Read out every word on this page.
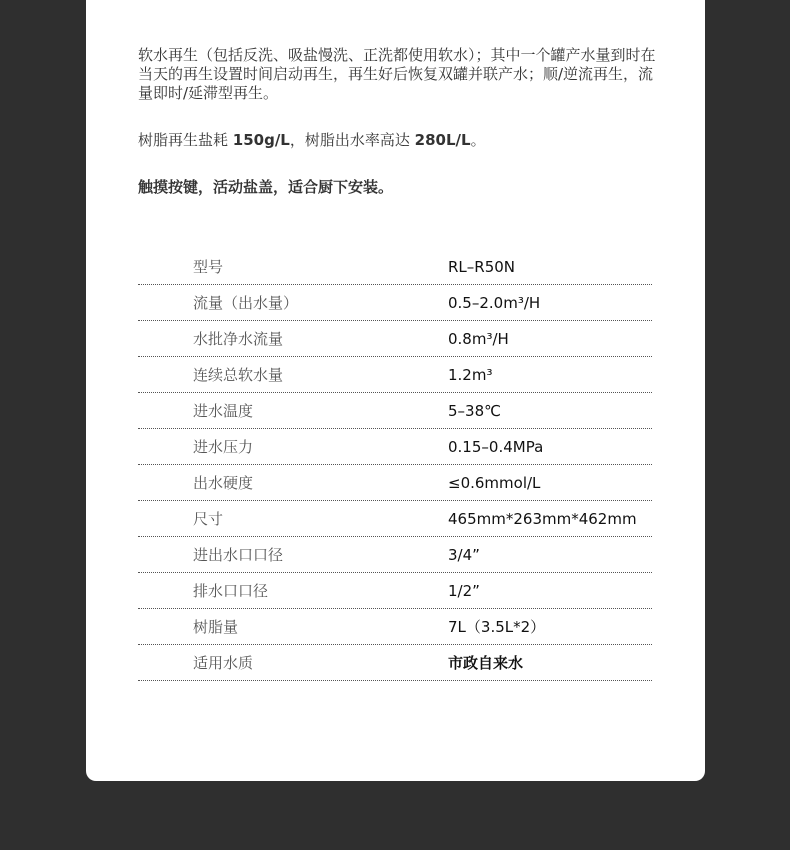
软水再生（包括反洗、吸盐慢洗、正洗都使用软水）；其中一个罐产水量到时在当天的再生设置时间启动再生，再生好后恢复双罐并联产水；顺/逆流再生，流量即时/延滞型再生。

树脂再生盐耗 150g/L，树脂出水率高达 280L/L。

触摸按键，活动盐盖，适合厨下安装。

型号	RL–R50N
流量（出水量）	0.5–2.0m³/H
水批净水流量	0.8m³/H
连续总软水量	1.2m³
进水温度	5–38℃
进水压力	0.15–0.4MPa
出水硬度	≤0.6mmol/L
尺寸	465mm*263mm*462mm
进出水口口径	3/4”
排水口口径	1/2”
树脂量	7L（3.5L*2）
适用水质	市政自来水
